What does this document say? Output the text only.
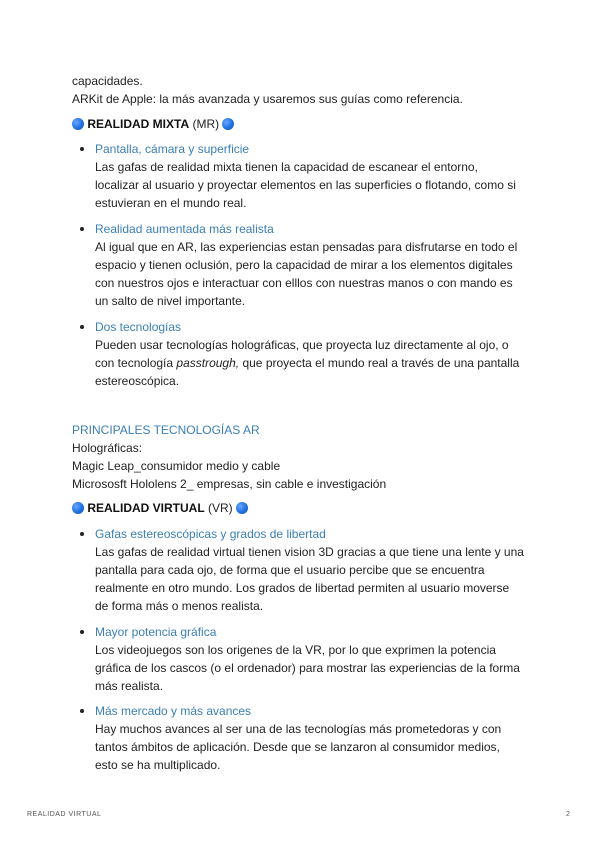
capacidades.
ARKit de Apple: la más avanzada y usaremos sus guías como referencia.
REALIDAD MIXTA (MR)
Pantalla, cámara y superficie
Las gafas de realidad mixta tienen la capacidad de escanear el entorno,
localizar al usuario y proyectar elementos en las superficies o flotando, como si
estuvieran en el mundo real.
Realidad aumentada más realista
Al igual que en AR, las experiencias estan pensadas para disfrutarse en todo el
espacio y tienen oclusión, pero la capacidad de mirar a los elementos digitales
con nuestros ojos e interactuar con elllos con nuestras manos o con mando es
un salto de nivel importante.
Dos tecnologías
Pueden usar tecnologías holográficas, que proyecta luz directamente al ojo, o
con tecnología passtrough, que proyecta el mundo real a través de una pantalla
estereoscópica.
PRINCIPALES TECNOLOGÍAS AR
Holográficas:
Magic Leap_consumidor medio y cable
Micrososft Hololens 2_ empresas, sin cable e investigación
REALIDAD VIRTUAL (VR)
Gafas estereoscópicas y grados de libertad
Las gafas de realidad virtual tienen vision 3D gracias a que tiene una lente y una
pantalla para cada ojo, de forma que el usuario percibe que se encuentra
realmente en otro mundo. Los grados de libertad permiten al usuario moverse
de forma más o menos realista.
Mayor potencia gráfica
Los videojuegos son los origenes de la VR, por lo que exprimen la potencia
gráfica de los cascos (o el ordenador) para mostrar las experiencias de la forma
más realista.
Más mercado y más avances
Hay muchos avances al ser una de las tecnologías más prometedoras y con
tantos ámbitos de aplicación. Desde que se lanzaron al consumidor medios,
esto se ha multiplicado.
REALIDAD VIRTUAL	2
